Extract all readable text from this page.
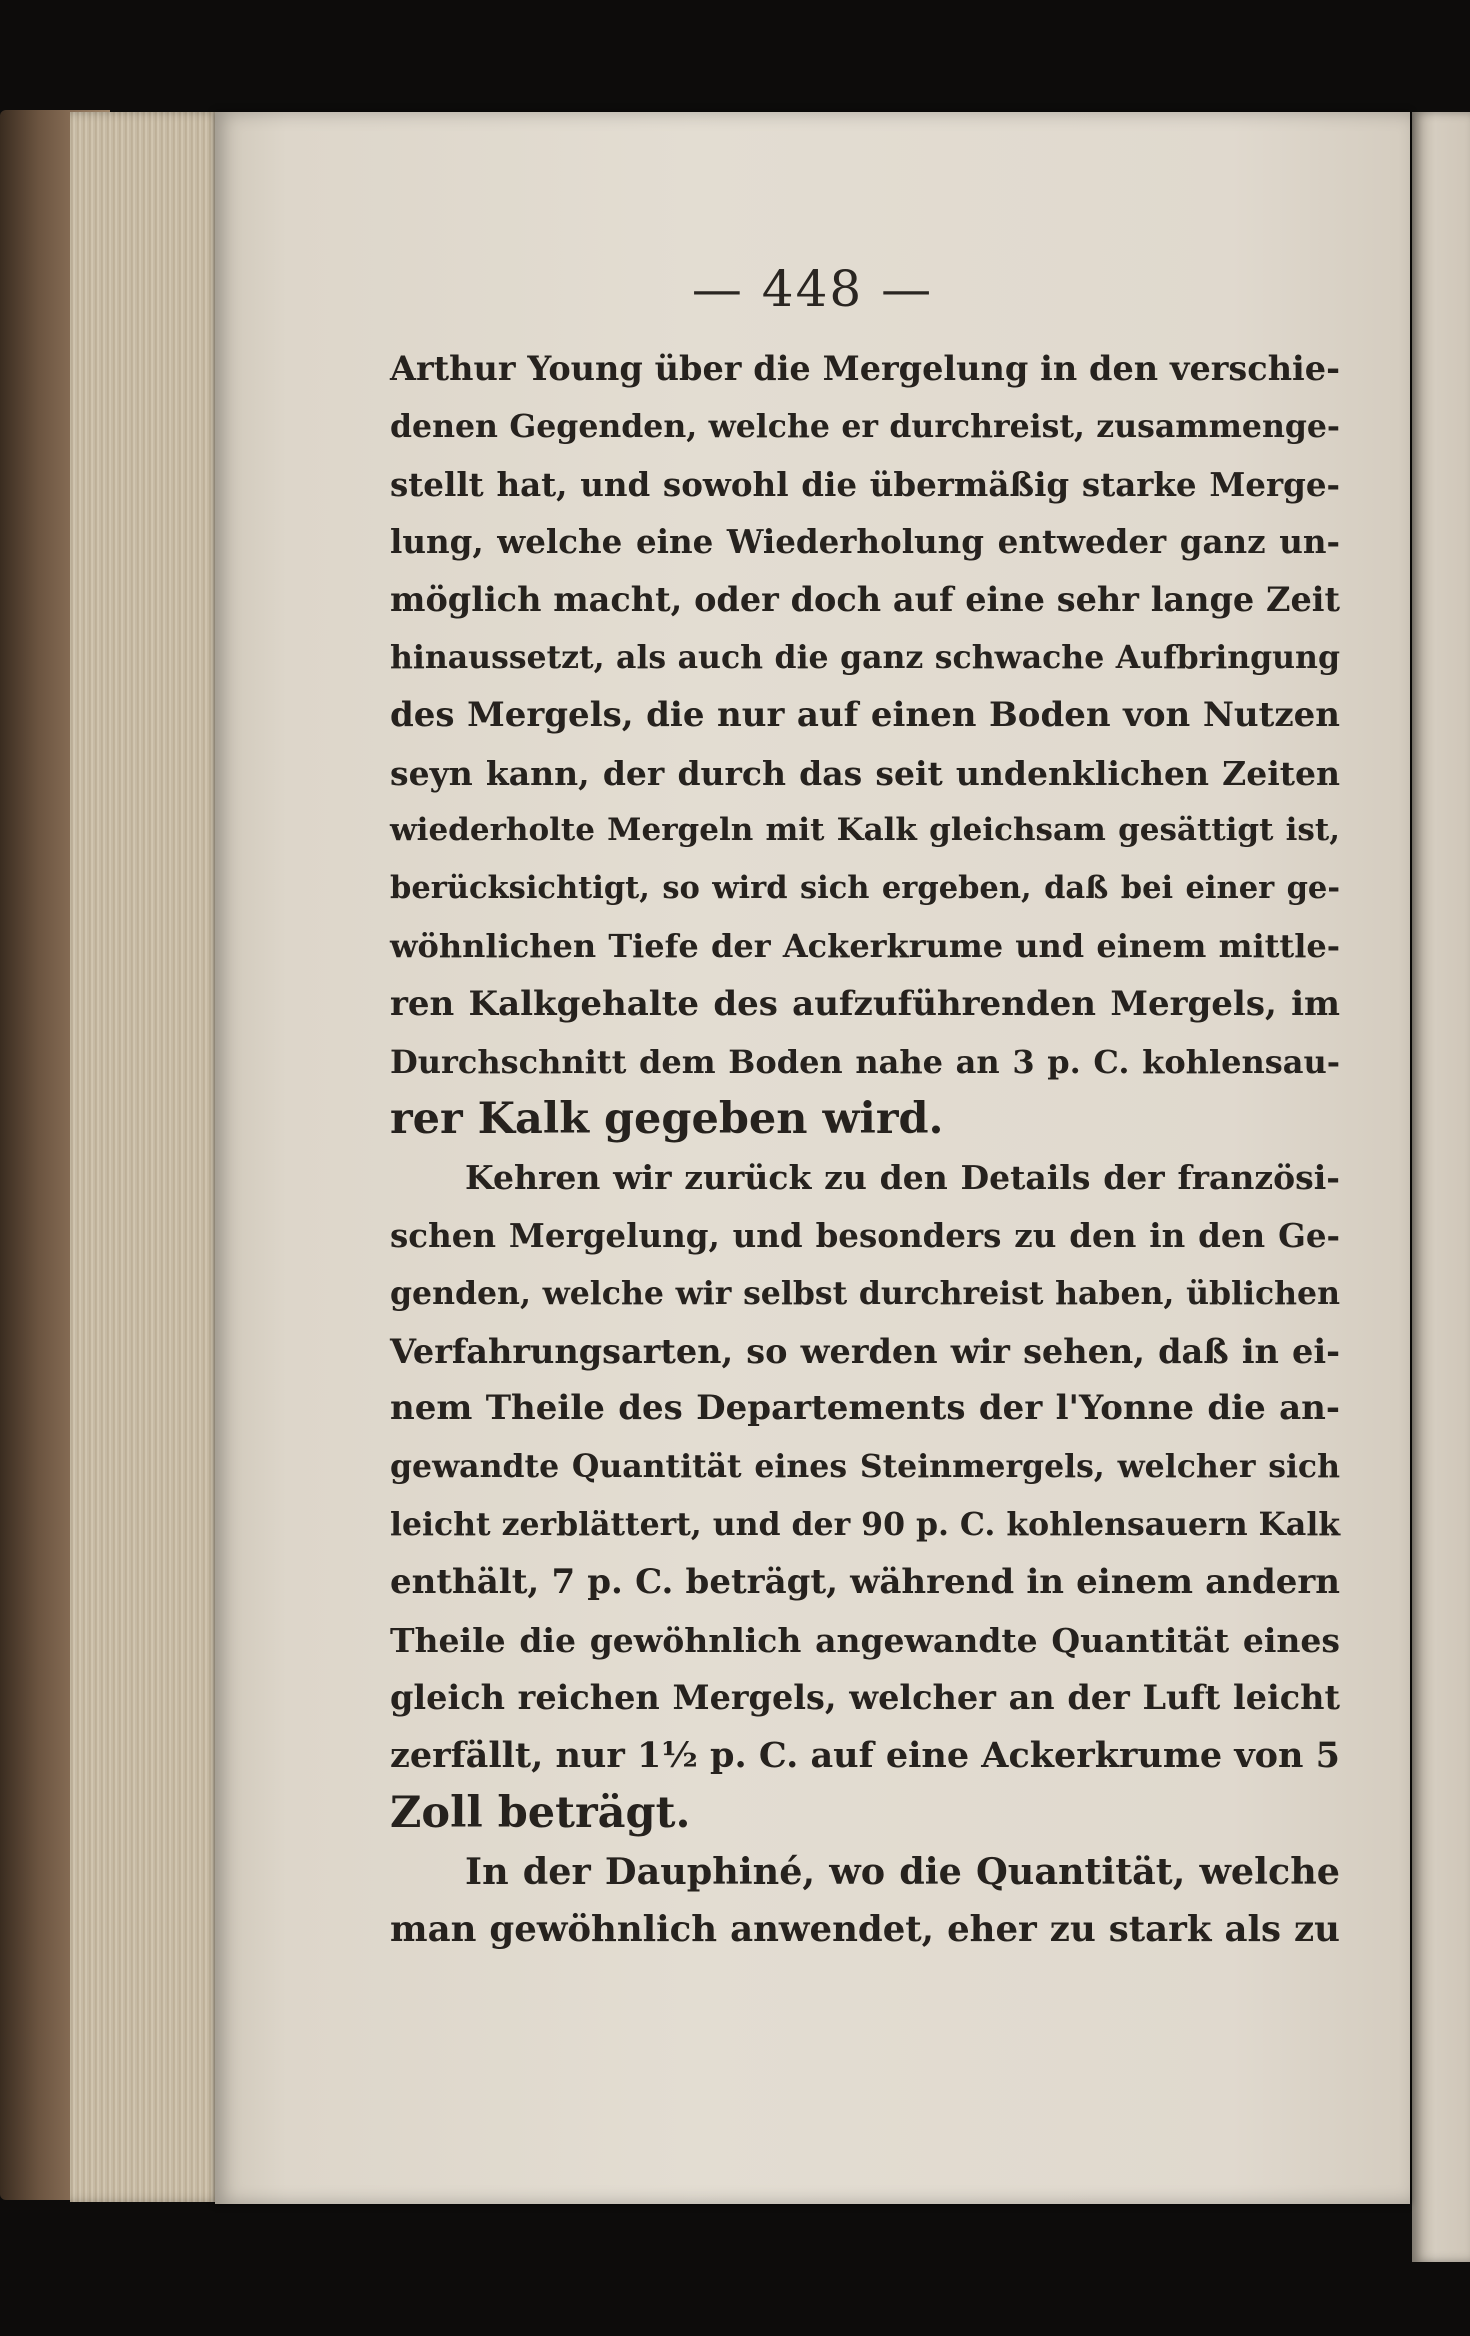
— 448 —
Arthur Young über die Mergelung in den verschie-
denen Gegenden, welche er durchreist, zusammenge-
stellt hat, und sowohl die übermäßig starke Merge-
lung, welche eine Wiederholung entweder ganz un-
möglich macht, oder doch auf eine sehr lange Zeit
hinaussetzt, als auch die ganz schwache Aufbringung
des Mergels, die nur auf einen Boden von Nutzen
seyn kann, der durch das seit undenklichen Zeiten
wiederholte Mergeln mit Kalk gleichsam gesättigt ist,
berücksichtigt, so wird sich ergeben, daß bei einer ge-
wöhnlichen Tiefe der Ackerkrume und einem mittle-
ren Kalkgehalte des aufzuführenden Mergels, im
Durchschnitt dem Boden nahe an 3 p. C. kohlensau-
rer Kalk gegeben wird.
Kehren wir zurück zu den Details der französi-
schen Mergelung, und besonders zu den in den Ge-
genden, welche wir selbst durchreist haben, üblichen
Verfahrungsarten, so werden wir sehen, daß in ei-
nem Theile des Departements der l'Yonne die an-
gewandte Quantität eines Steinmergels, welcher sich
leicht zerblättert, und der 90 p. C. kohlensauern Kalk
enthält, 7 p. C. beträgt, während in einem andern
Theile die gewöhnlich angewandte Quantität eines
gleich reichen Mergels, welcher an der Luft leicht
zerfällt, nur 1½ p. C. auf eine Ackerkrume von 5
Zoll beträgt.
In der Dauphiné, wo die Quantität, welche
man gewöhnlich anwendet, eher zu stark als zu
